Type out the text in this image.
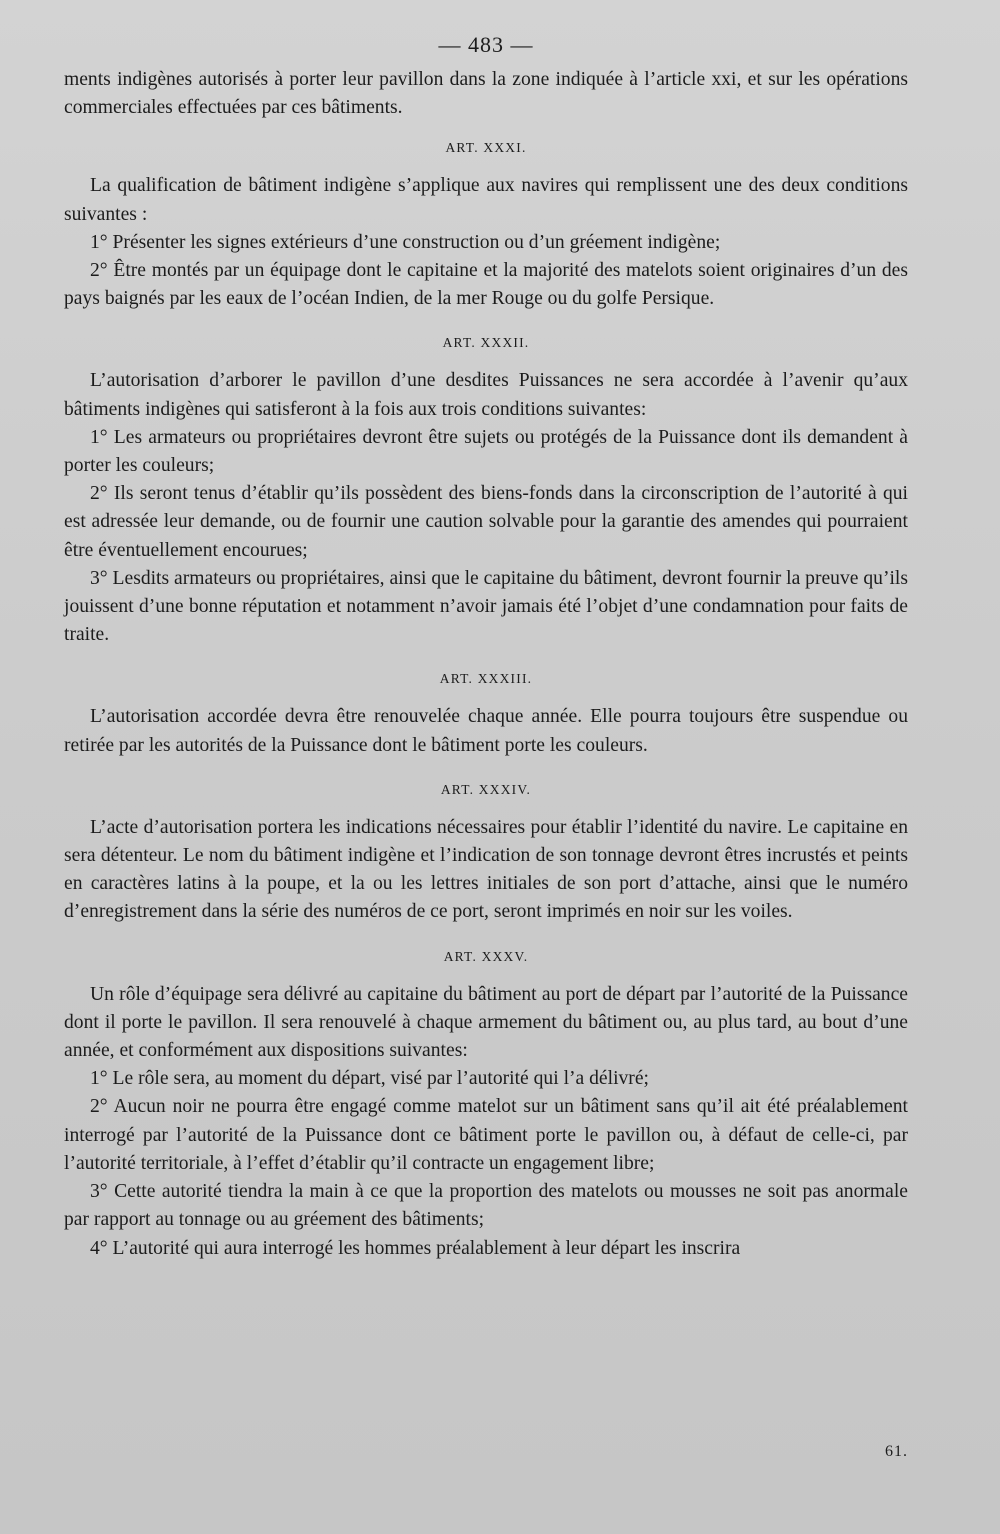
— 483 —

ments indigènes autorisés à porter leur pavillon dans la zone indiquée à l’article xxi, et sur les opérations commerciales effectuées par ces bâtiments.

ART. XXXI.

La qualification de bâtiment indigène s’applique aux navires qui remplissent une des deux conditions suivantes :

1° Présenter les signes extérieurs d’une construction ou d’un gréement indigène;

2° Être montés par un équipage dont le capitaine et la majorité des matelots soient originaires d’un des pays baignés par les eaux de l’océan Indien, de la mer Rouge ou du golfe Persique.

ART. XXXII.

L’autorisation d’arborer le pavillon d’une desdites Puissances ne sera accordée à l’avenir qu’aux bâtiments indigènes qui satisferont à la fois aux trois conditions suivantes:

1° Les armateurs ou propriétaires devront être sujets ou protégés de la Puissance dont ils demandent à porter les couleurs;

2° Ils seront tenus d’établir qu’ils possèdent des biens-fonds dans la circonscription de l’autorité à qui est adressée leur demande, ou de fournir une caution solvable pour la garantie des amendes qui pourraient être éventuellement encourues;

3° Lesdits armateurs ou propriétaires, ainsi que le capitaine du bâtiment, devront fournir la preuve qu’ils jouissent d’une bonne réputation et notamment n’avoir jamais été l’objet d’une condamnation pour faits de traite.

ART. XXXIII.

L’autorisation accordée devra être renouvelée chaque année. Elle pourra toujours être suspendue ou retirée par les autorités de la Puissance dont le bâtiment porte les couleurs.

ART. XXXIV.

L’acte d’autorisation portera les indications nécessaires pour établir l’identité du navire. Le capitaine en sera détenteur. Le nom du bâtiment indigène et l’indication de son tonnage devront êtres incrustés et peints en caractères latins à la poupe, et la ou les lettres initiales de son port d’attache, ainsi que le numéro d’enregistrement dans la série des numéros de ce port, seront imprimés en noir sur les voiles.

ART. XXXV.

Un rôle d’équipage sera délivré au capitaine du bâtiment au port de départ par l’autorité de la Puissance dont il porte le pavillon. Il sera renouvelé à chaque armement du bâtiment ou, au plus tard, au bout d’une année, et conformément aux dispositions suivantes:

1° Le rôle sera, au moment du départ, visé par l’autorité qui l’a délivré;

2° Aucun noir ne pourra être engagé comme matelot sur un bâtiment sans qu’il ait été préalablement interrogé par l’autorité de la Puissance dont ce bâtiment porte le pavillon ou, à défaut de celle-ci, par l’autorité territoriale, à l’effet d’établir qu’il contracte un engagement libre;

3° Cette autorité tiendra la main à ce que la proportion des matelots ou mousses ne soit pas anormale par rapport au tonnage ou au gréement des bâtiments;

4° L’autorité qui aura interrogé les hommes préalablement à leur départ les inscrira

61.
